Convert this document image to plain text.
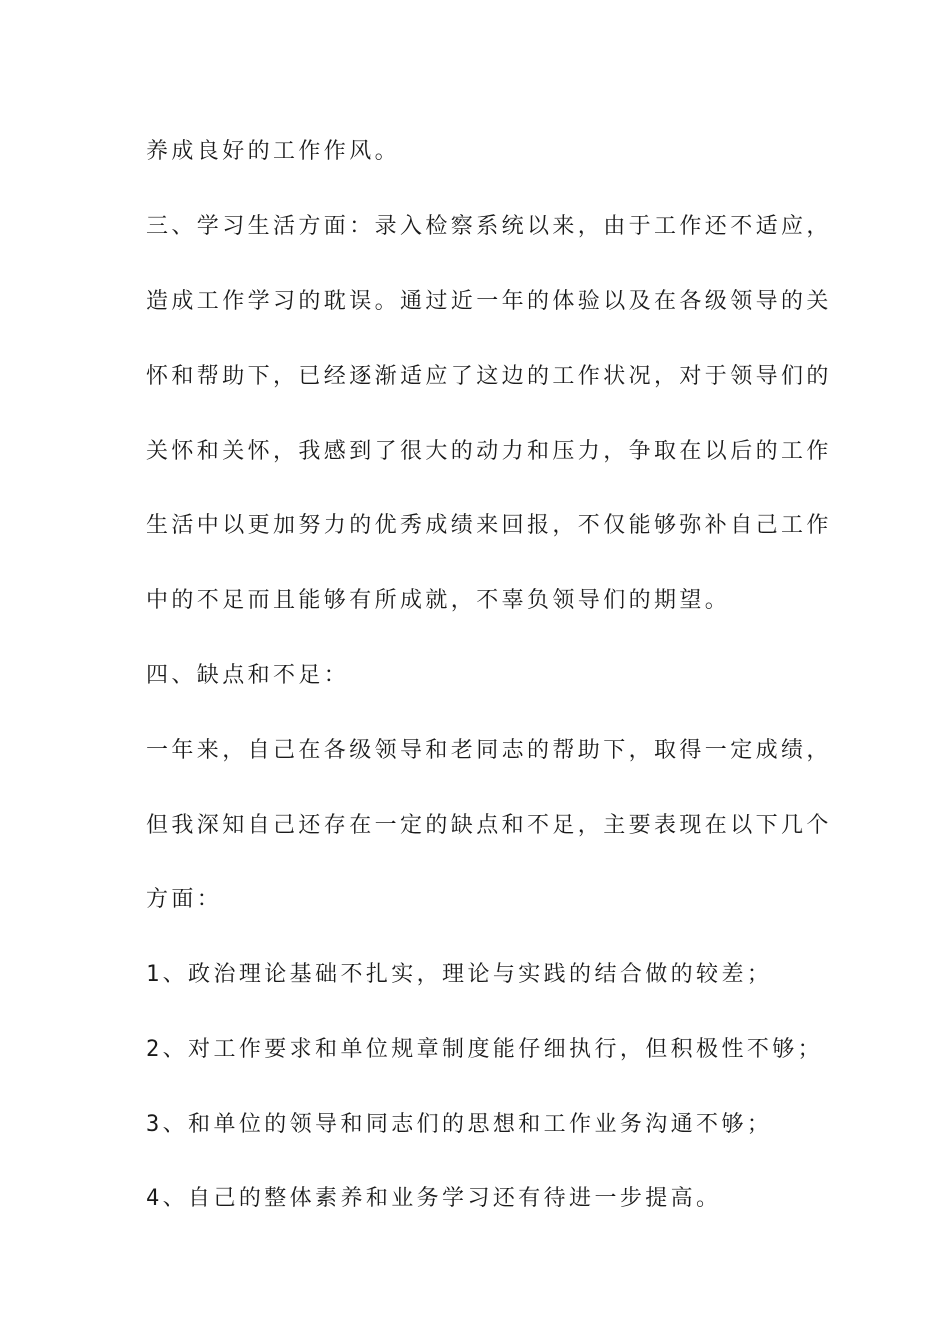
养成良好的工作作风。
三、学习生活方面：录入检察系统以来，由于工作还不适应，
造成工作学习的耽误。通过近一年的体验以及在各级领导的关
怀和帮助下，已经逐渐适应了这边的工作状况，对于领导们的
关怀和关怀，我感到了很大的动力和压力，争取在以后的工作
生活中以更加努力的优秀成绩来回报，不仅能够弥补自己工作
中的不足而且能够有所成就，不辜负领导们的期望。
四、缺点和不足：
一年来，自己在各级领导和老同志的帮助下，取得一定成绩，
但我深知自己还存在一定的缺点和不足，主要表现在以下几个
方面：
1、政治理论基础不扎实，理论与实践的结合做的较差；
2、对工作要求和单位规章制度能仔细执行，但积极性不够；
3、和单位的领导和同志们的思想和工作业务沟通不够；
4、自己的整体素养和业务学习还有待进一步提高。
